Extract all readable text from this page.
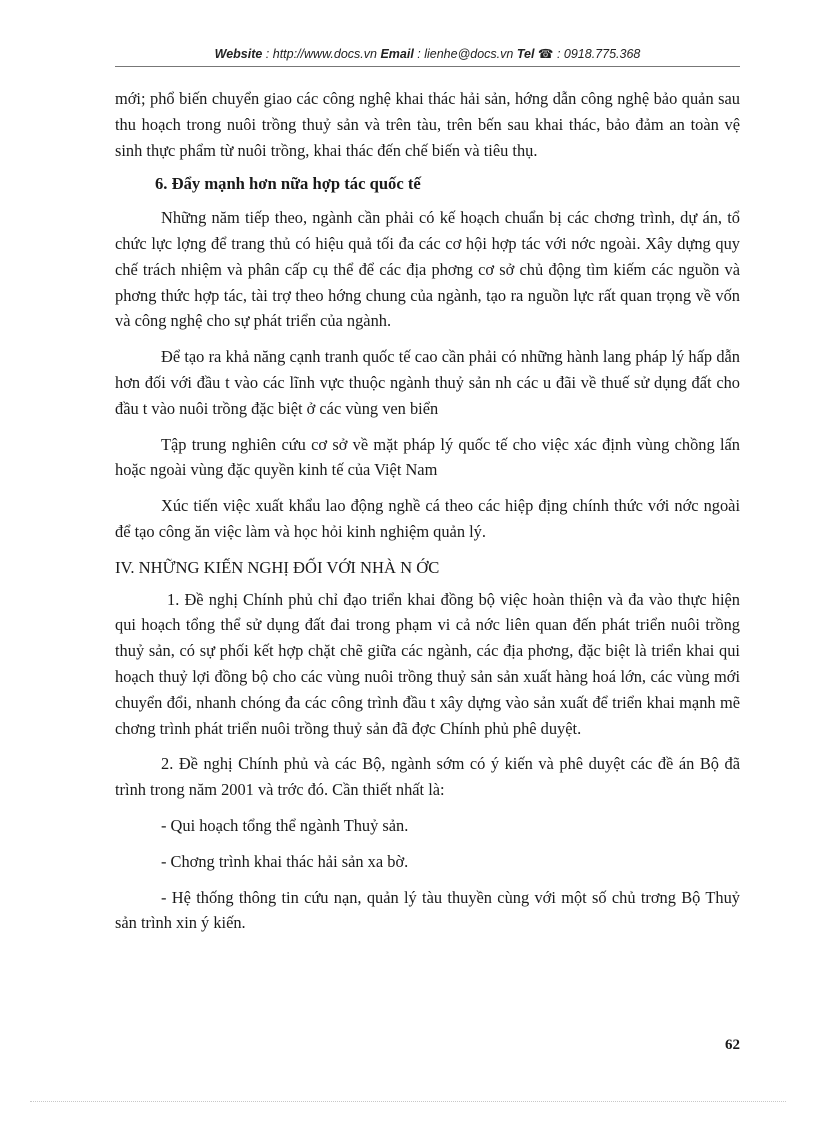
Website : http://www.docs.vn Email : lienhe@docs.vn Tel ☎ : 0918.775.368

mới; phổ biến chuyển giao các công nghệ khai thác hải sản, hớng dẫn công nghệ bảo quản sau thu hoạch trong nuôi trồng thuỷ sản và trên tàu, trên bến sau khai thác, bảo đảm an toàn vệ sinh thực phẩm từ nuôi trồng, khai thác đến chế biến và tiêu thụ.

6. Đẩy mạnh hơn nữa hợp tác quốc tế

Những năm tiếp theo, ngành cần phải có kế hoạch chuẩn bị các chơng trình, dự án, tổ chức lực lợng để trang thủ có hiệu quả tối đa các cơ hội hợp tác với nớc ngoài. Xây dựng quy chế trách nhiệm và phân cấp cụ thể để các địa phơng cơ sở chủ động tìm kiếm các nguồn và phơng thức hợp tác, tài trợ theo hớng chung của ngành, tạo ra nguồn lực rất quan trọng về vốn và công nghệ cho sự phát triển của ngành.

Để tạo ra khả năng cạnh tranh quốc tế cao cần phải có những hành lang pháp lý hấp dẫn hơn đối với đầu t vào các lĩnh vực thuộc ngành thuỷ sản nh các u đãi về thuế sử dụng đất cho đầu t vào nuôi trồng đặc biệt ở các vùng ven biển

Tập trung nghiên cứu cơ sở về mặt pháp lý quốc tế cho việc xác định vùng chồng lấn hoặc ngoài vùng đặc quyền kinh tế của Việt Nam

Xúc tiến việc xuất khẩu lao động nghề cá theo các hiệp địng chính thức với nớc ngoài để tạo công ăn việc làm và học hỏi kinh nghiệm quản lý.

IV. NHỮNG KIẾN NGHỊ ĐỐI VỚI NHÀ N ỚC

1. Đề nghị Chính phủ chỉ đạo triển khai đồng bộ việc hoàn thiện và đa vào thực hiện qui hoạch tổng thể sử dụng đất đai trong phạm vi cả nớc liên quan đến phát triển nuôi trồng thuỷ sản, có sự phối kết hợp chặt chẽ giữa các ngành, các địa phơng, đặc biệt là triển khai qui hoạch thuỷ lợi đồng bộ cho các vùng nuôi trồng thuỷ sản sản xuất hàng hoá lớn, các vùng mới chuyển đổi, nhanh chóng đa các công trình đầu t xây dựng vào sản xuất để triển khai mạnh mẽ chơng trình phát triển nuôi trồng thuỷ sản đã đợc Chính phủ phê duyệt.

2. Đề nghị Chính phủ và các Bộ, ngành sớm có ý kiến và phê duyệt các đề án Bộ đã trình trong năm 2001 và trớc đó. Cần thiết nhất là:

- Qui hoạch tổng thể ngành Thuỷ sản.

- Chơng trình khai thác hải sản xa bờ.

- Hệ thống thông tin cứu nạn, quản lý tàu thuyền cùng với một số chủ trơng Bộ Thuỷ sản trình xin ý kiến.

62
